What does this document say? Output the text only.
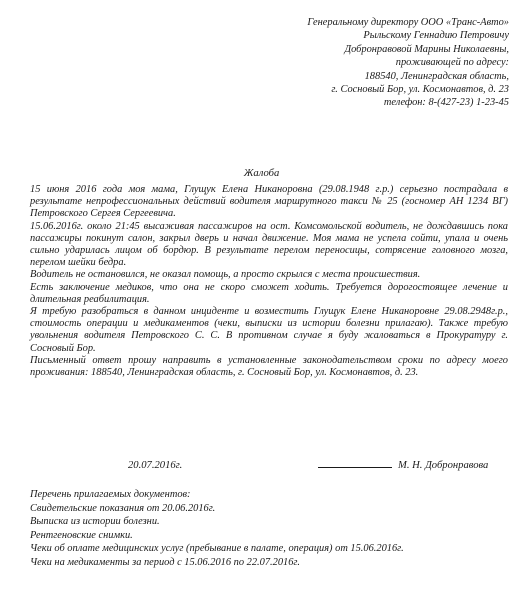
Генеральному директору ООО «Транс-Авто»
Рыльскому Геннадию Петровичу
Добронравовой Марины Николаевны,
проживающей по адресу:
188540, Ленинградская область,
г. Сосновый Бор, ул. Космонавтов, д. 23
телефон: 8-(427-23) 1-23-45
Жалоба

15 июня 2016 года моя мама, Глущук Елена Никаноровна (29.08.1948 г.р.) серьезно пострадала в результате непрофессиональных действий водителя маршрутного такси № 25 (госномер АН 1234 ВГ) Петровского Сергея Сергеевича.

15.06.2016г. около 21:45 высаживая пассажиров на ост. Комсомольской водитель, не дождавшись пока пассажиры покинут салон, закрыл дверь и начал движение. Моя мама не успела сойти, упала и очень сильно ударилась лицом об бордюр. В результате перелом переносицы, сотрясение головного мозга, перелом шейки бедра.

Водитель не остановился, не оказал помощь, а просто скрылся с места происшествия.

Есть заключение медиков, что она не скоро сможет ходить. Требуется дорогостоящее лечение и длительная реабилитация.

Я требую разобраться в данном инциденте и возместить Глущук Елене Никаноровне 29.08.2948г.р., стоимость операции и медикаментов (чеки, выписки из истории болезни прилагаю). Также требую увольнения водителя Петровского С. С. В противном случае я буду жаловаться в Прокуратуру г. Сосновый Бор.

Письменный ответ прошу направить в установленные законодательством сроки по адресу моего проживания: 188540, Ленинградская область, г. Сосновый Бор, ул. Космонавтов, д. 23.

20.07.2016г.	М. Н. Добронравова
Перечень прилагаемых документов:
Свидетельские показания от 20.06.2016г.
Выписка из истории болезни.
Рентгеновские снимки.
Чеки об оплате медицинских услуг (пребывание в палате, операция) от 15.06.2016г.
Чеки на медикаменты за период с 15.06.2016 по 22.07.2016г.
